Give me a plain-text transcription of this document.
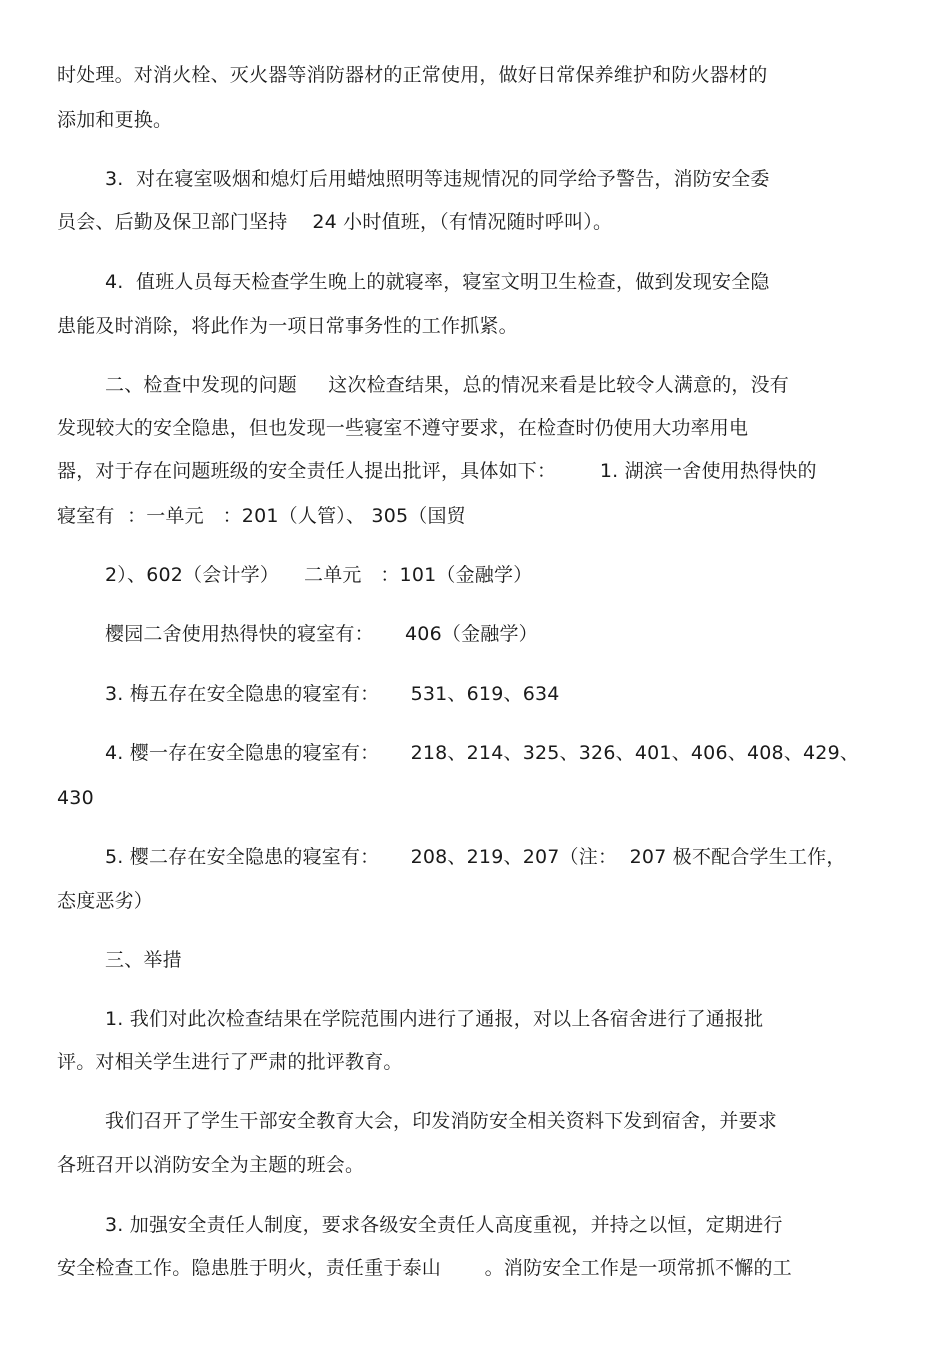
时处理。对消火栓、灭火器等消防器材的正常使用，做好日常保养维护和防火器材的
添加和更换。
3.  对在寝室吸烟和熄灯后用蜡烛照明等违规情况的同学给予警告，消防安全委
员会、后勤及保卫部门坚持    24 小时值班，（有情况随时呼叫）。
4.  值班人员每天检查学生晚上的就寝率，寝室文明卫生检查，做到发现安全隐
患能及时消除，将此作为一项日常事务性的工作抓紧。
二、检查中发现的问题     这次检查结果，总的情况来看是比较令人满意的，没有
发现较大的安全隐患，但也发现一些寝室不遵守要求，在检查时仍使用大功率用电
器，对于存在问题班级的安全责任人提出批评，具体如下：       1. 湖滨一舍使用热得快的
寝室有  ：一单元   ：201（人管）、 305（国贸
2）、602（会计学）    二单元   ：101（金融学）
樱园二舍使用热得快的寝室有：     406（金融学）
3. 梅五存在安全隐患的寝室有：     531、619、634
4. 樱一存在安全隐患的寝室有：     218、214、325、326、401、406、408、429、
430
5. 樱二存在安全隐患的寝室有：     208、219、207（注：  207 极不配合学生工作，
态度恶劣）
三、举措
1. 我们对此次检查结果在学院范围内进行了通报，对以上各宿舍进行了通报批
评。对相关学生进行了严肃的批评教育。
我们召开了学生干部安全教育大会，印发消防安全相关资料下发到宿舍，并要求
各班召开以消防安全为主题的班会。
3. 加强安全责任人制度，要求各级安全责任人高度重视，并持之以恒，定期进行
安全检查工作。隐患胜于明火，责任重于泰山       。消防安全工作是一项常抓不懈的工
